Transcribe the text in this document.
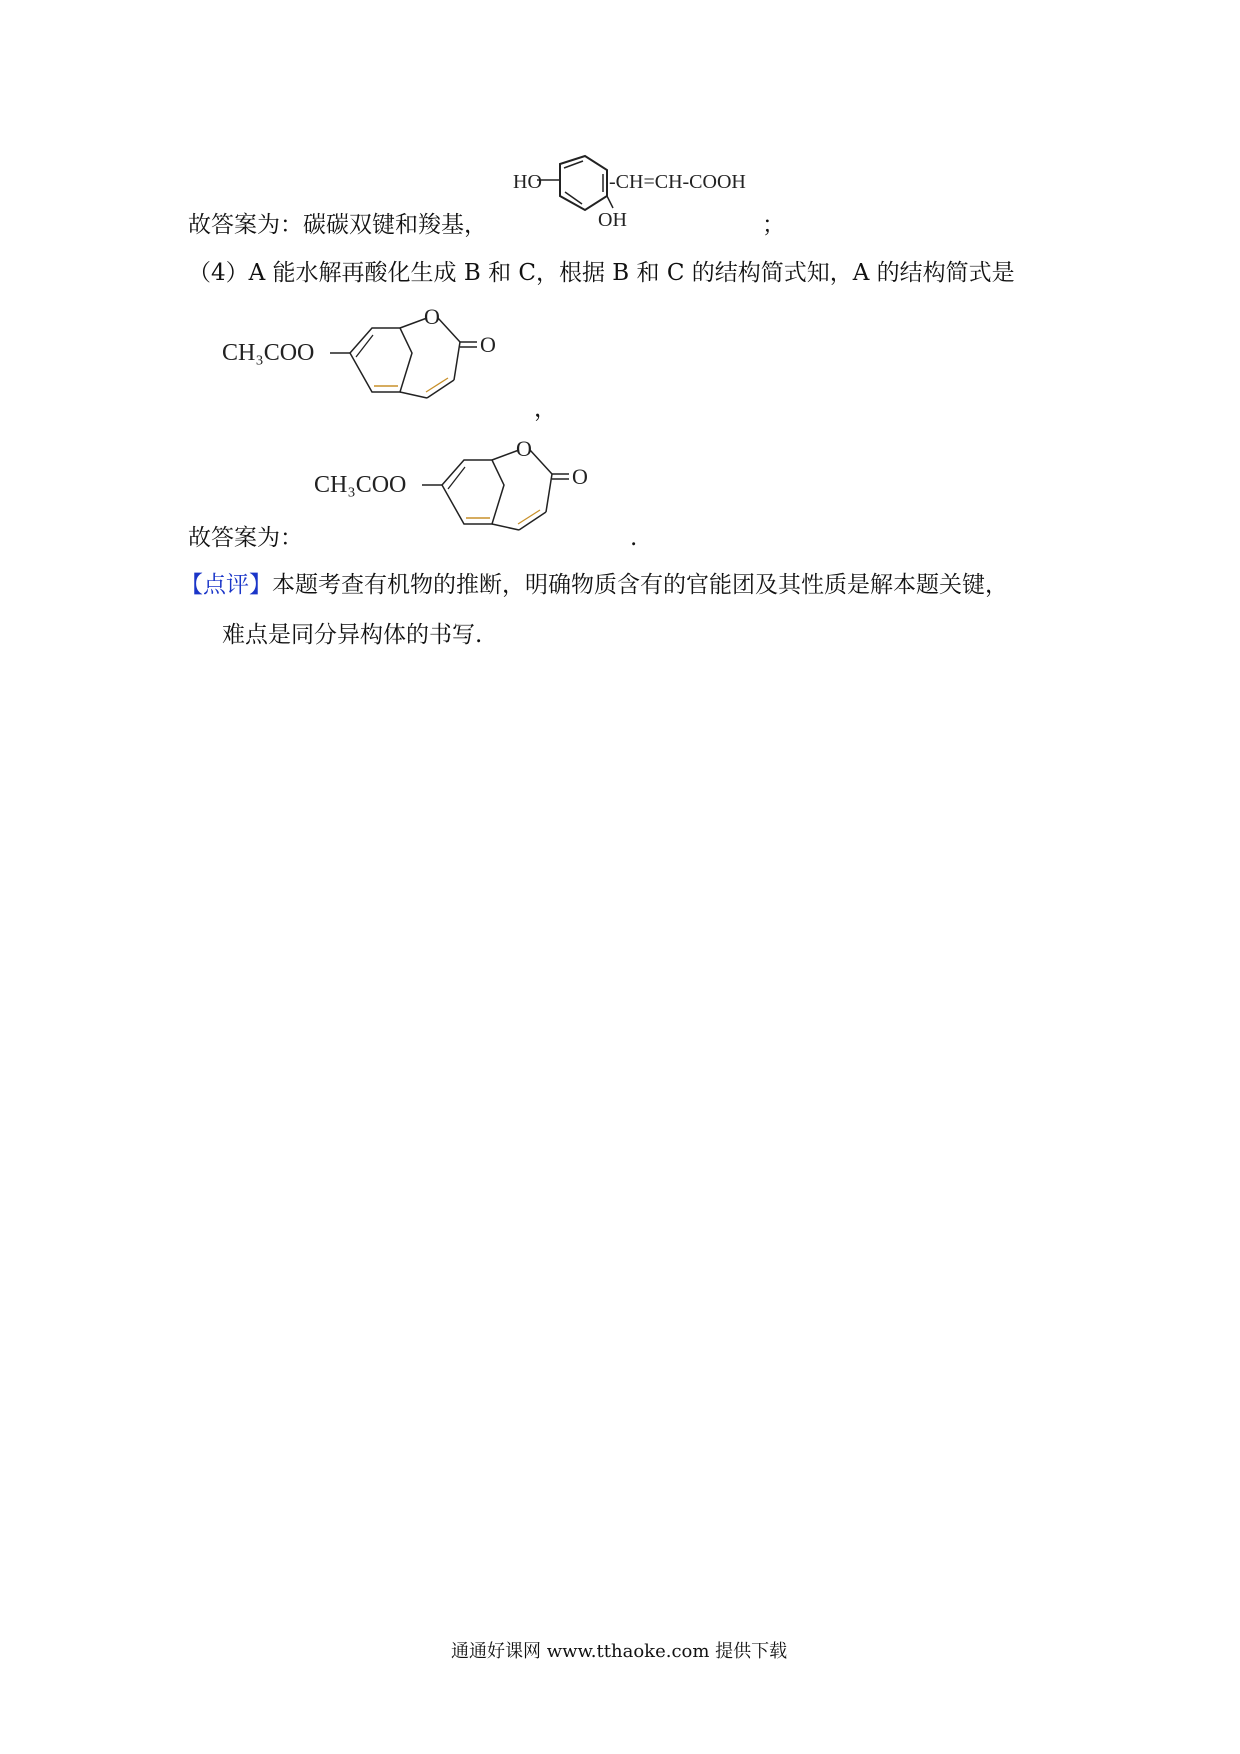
故答案为：碳碳双键和羧基，
HO
OH
-CH=CH-COOH
；
（4）A 能水解再酸化生成 B 和 C，根据 B 和 C 的结构简式知，A 的结构简式是
CH₃COO
O
O
，
故答案为：
CH₃COO
O
O
.
【点评】本题考查有机物的推断，明确物质含有的官能团及其性质是解本题关键，
难点是同分异构体的书写.
通通好课网 www.tthaoke.com 提供下载
